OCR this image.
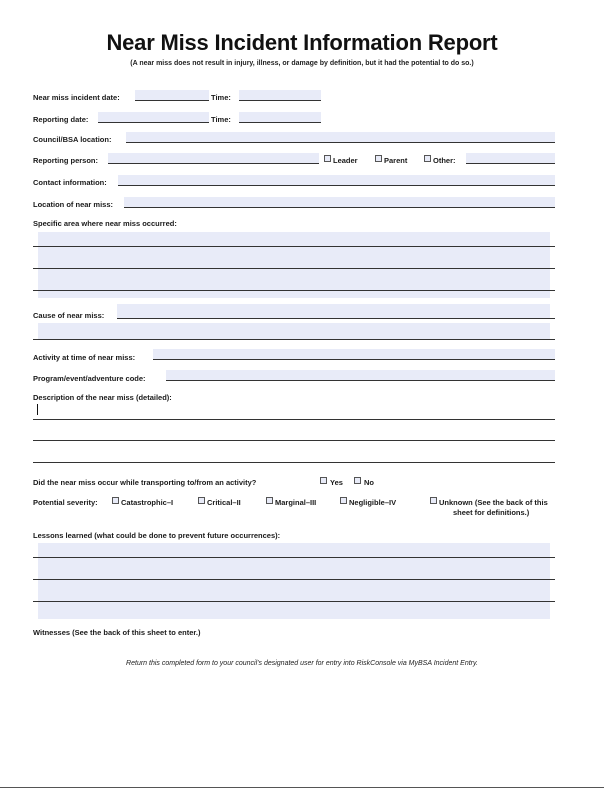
Near Miss Incident Information Report
(A near miss does not result in injury, illness, or damage by definition, but it had the potential to do so.)
Near miss incident date:	Time:
Reporting date:	Time:
Council/BSA location:
Reporting person:	Leader	Parent	Other:
Contact information:
Location of near miss:
Specific area where near miss occurred:
Cause of near miss:
Activity at time of near miss:
Program/event/adventure code:
Description of the near miss (detailed):
Did the near miss occur while transporting to/from an activity?	Yes	No
Potential severity:	Catastrophic–I	Critical–II	Marginal–III	Negligible–IV	Unknown (See the back of this
sheet for definitions.)
Lessons learned (what could be done to prevent future occurrences):
Witnesses (See the back of this sheet to enter.)
Return this completed form to your council's designated user for entry into RiskConsole via MyBSA Incident Entry.
